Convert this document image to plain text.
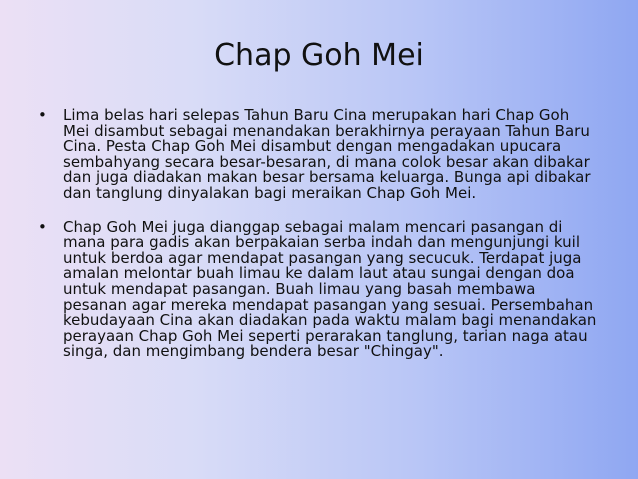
Chap Goh Mei
• Lima belas hari selepas Tahun Baru Cina merupakan hari Chap Goh Mei disambut sebagai menandakan berakhirnya perayaan Tahun Baru Cina. Pesta Chap Goh Mei disambut dengan mengadakan upucara sembahyang secara besar-besaran, di mana colok besar akan dibakar dan juga diadakan makan besar bersama keluarga. Bunga api dibakar dan tanglung dinyalakan bagi meraikan Chap Goh Mei.
• Chap Goh Mei juga dianggap sebagai malam mencari pasangan di mana para gadis akan berpakaian serba indah dan mengunjungi kuil untuk berdoa agar mendapat pasangan yang secucuk. Terdapat juga amalan melontar buah limau ke dalam laut atau sungai dengan doa untuk mendapat pasangan. Buah limau yang basah membawa pesanan agar mereka mendapat pasangan yang sesuai. Persembahan kebudayaan Cina akan diadakan pada waktu malam bagi menandakan perayaan Chap Goh Mei seperti perarakan tanglung, tarian naga atau singa, dan mengimbang bendera besar "Chingay".
